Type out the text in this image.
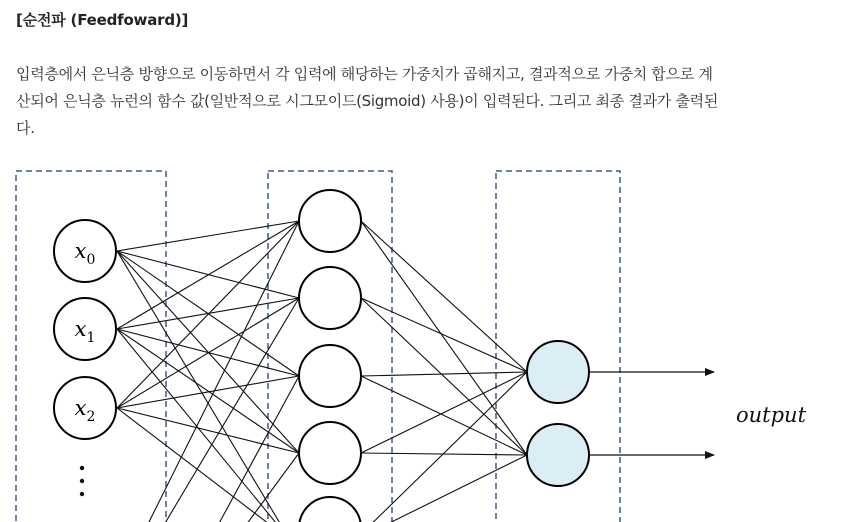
[순전파 (Feedfoward)]
입력층에서 은닉층 방향으로 이동하면서 각 입력에 해당하는 가중치가 곱해지고, 결과적으로 가중치 합으로 계
산되어 은닉층 뉴런의 함수 값(일반적으로 시그모이드(Sigmoid) 사용)이 입력된다. 그리고 최종 결과가 출력된
다.
$x_0$
$x_1$
$x_2$	output
